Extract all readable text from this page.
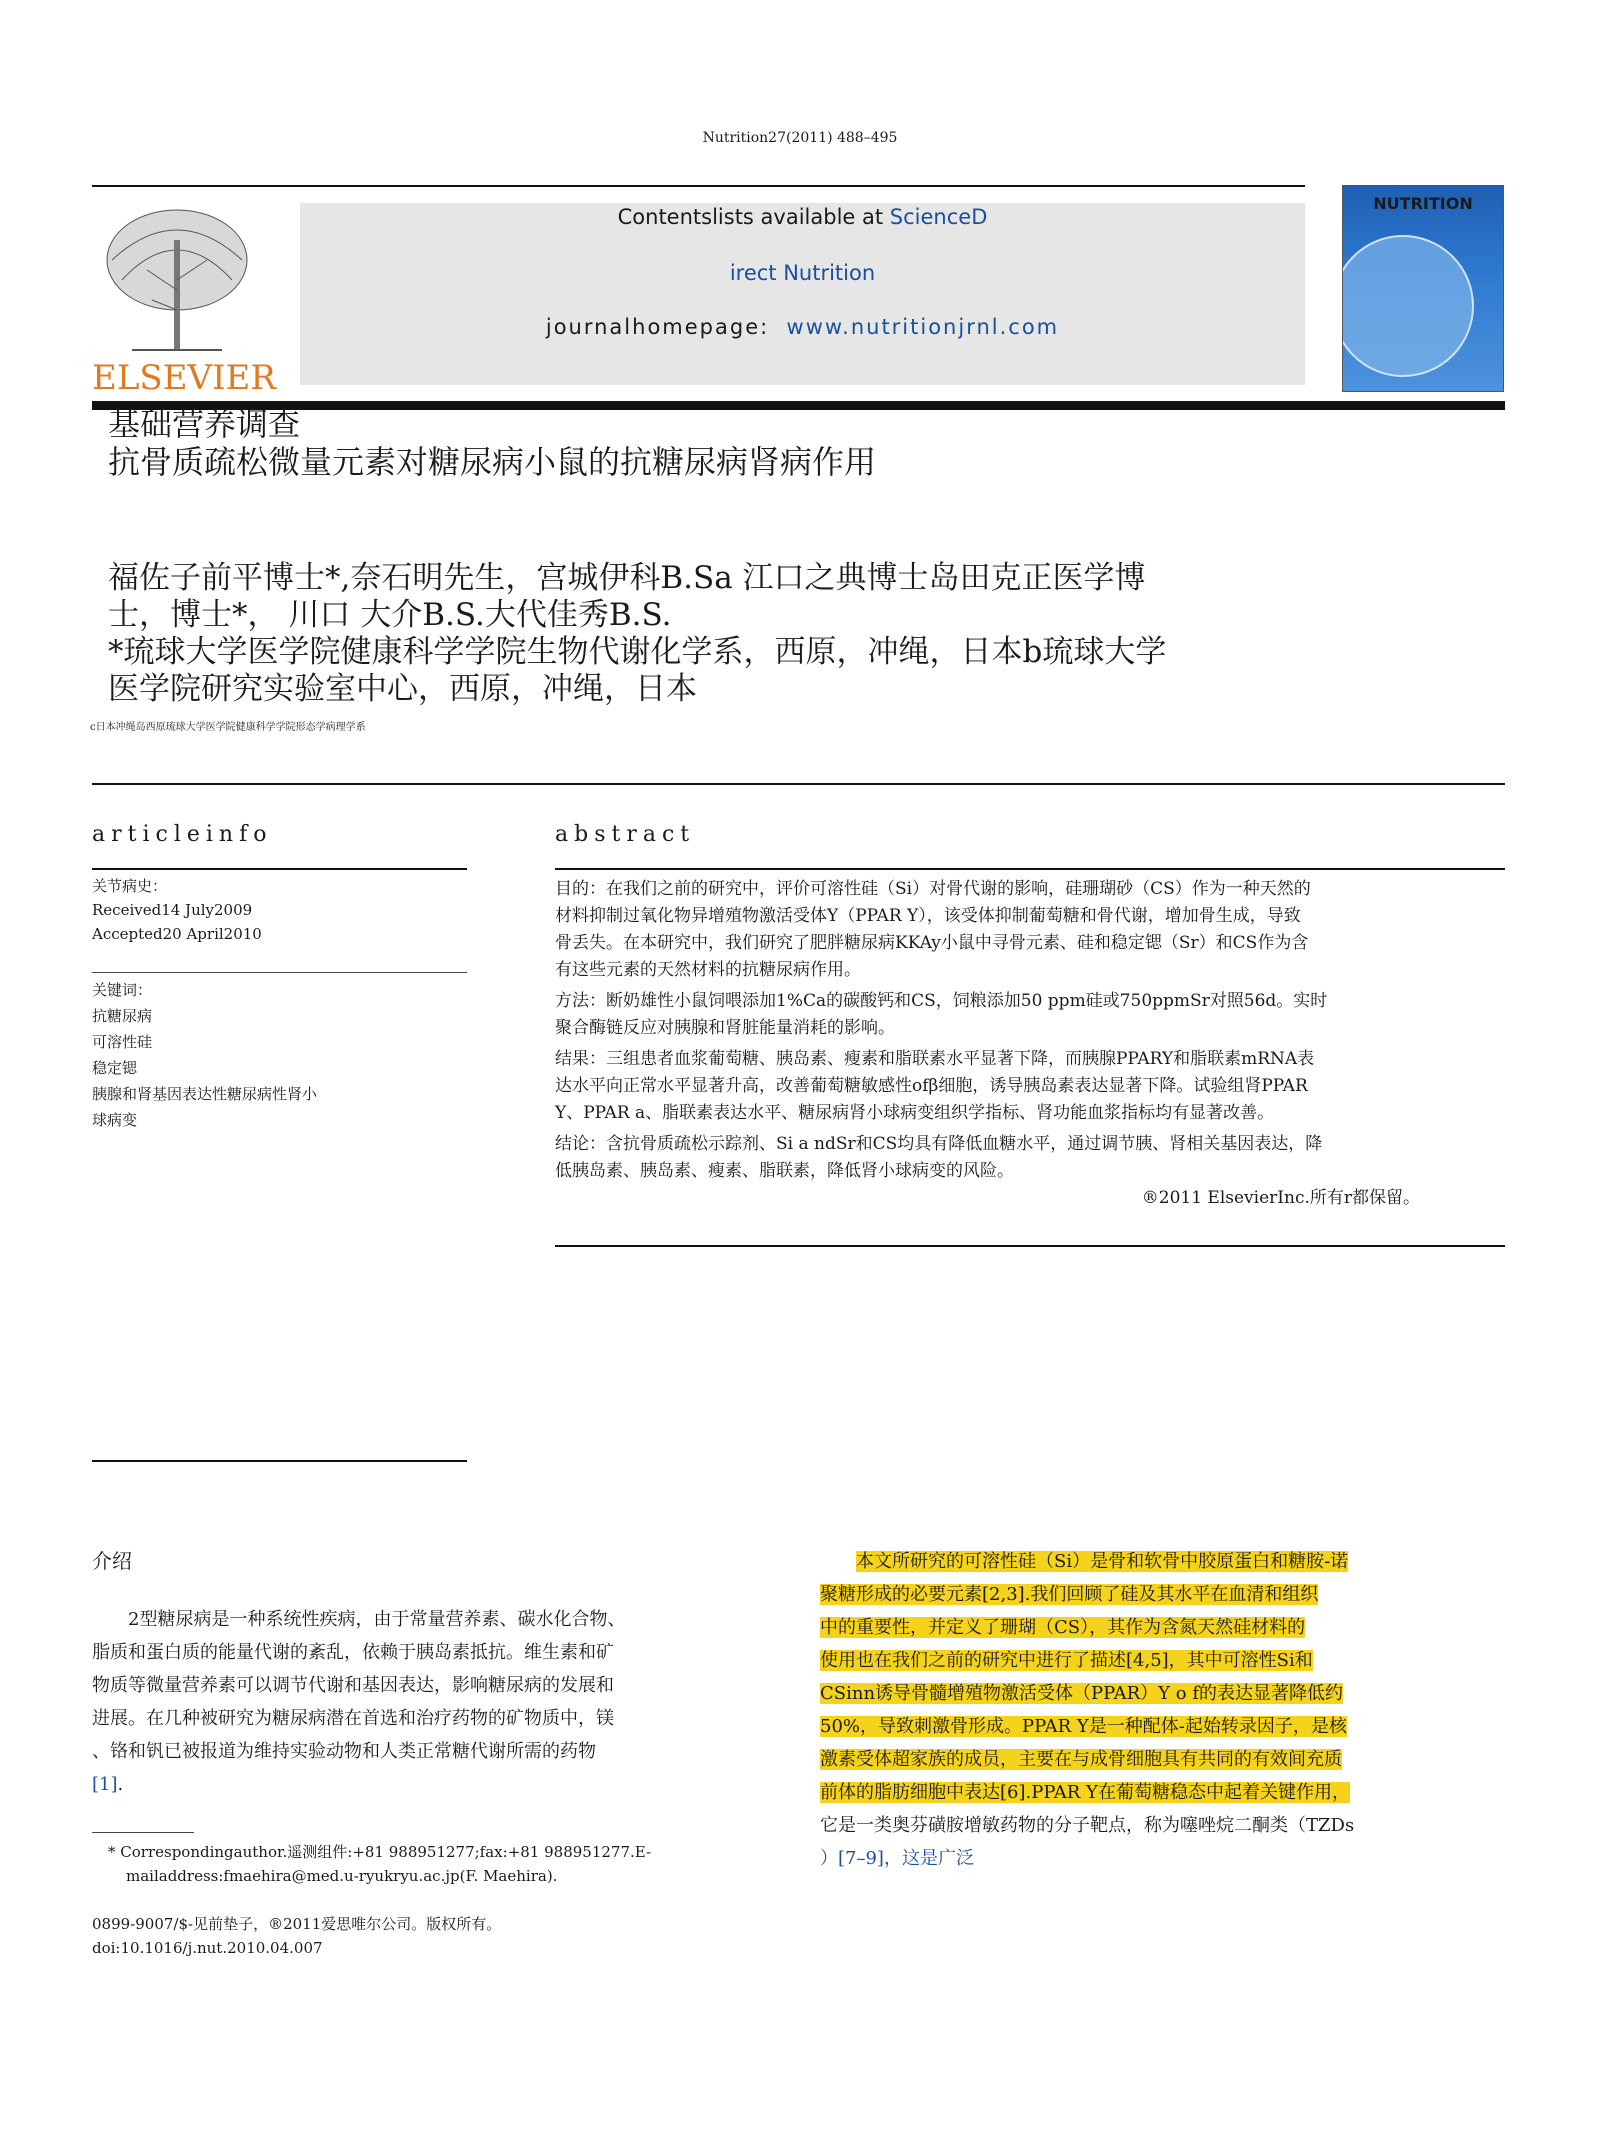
Nutrition27(2011) 488–495
ELSEVIER
Contentslists available at ScienceD
irect Nutrition
journalhomepage: www.nutritionjrnl.com
NUTRITION
基础营养调查
抗骨质疏松微量元素对糖尿病小鼠的抗糖尿病肾病作用
福佐子前平博士*,奈石明先生，宫城伊科B.Sa 江口之典博士岛田克正医学博
士，博士*， 川口 大介B.S.大代佳秀B.S.
*琉球大学医学院健康科学学院生物代谢化学系，西原，冲绳，日本b琉球大学
医学院研究实验室中心，西原，冲绳，日本
c日本冲绳岛西原琉球大学医学院健康科学学院形态学病理学系
articleinfo
关节病史：
Received14 July2009
Accepted20 April2010
关键词：
抗糖尿病
可溶性硅
稳定锶
胰腺和肾基因表达性糖尿病性肾小
球病变
abstract
目的：在我们之前的研究中，评价可溶性硅（Si）对骨代谢的影响，硅珊瑚砂（CS）作为一种天然的
材料抑制过氧化物异增殖物激活受体Y（PPAR Y），该受体抑制葡萄糖和骨代谢，增加骨生成，导致
骨丢失。在本研究中，我们研究了肥胖糖尿病KKAy小鼠中寻骨元素、硅和稳定锶（Sr）和CS作为含
有这些元素的天然材料的抗糖尿病作用。
方法：断奶雄性小鼠饲喂添加1%Ca的碳酸钙和CS，饲粮添加50 ppm硅或750ppmSr对照56d。实时
聚合酶链反应对胰腺和肾脏能量消耗的影响。
结果：三组患者血浆葡萄糖、胰岛素、瘦素和脂联素水平显著下降，而胰腺PPARY和脂联素mRNA表
达水平向正常水平显著升高，改善葡萄糖敏感性ofβ细胞，诱导胰岛素表达显著下降。试验组肾PPAR
Y、PPAR a、脂联素表达水平、糖尿病肾小球病变组织学指标、肾功能血浆指标均有显著改善。
结论：含抗骨质疏松示踪剂、Si a ndSr和CS均具有降低血糖水平，通过调节胰、肾相关基因表达，降
低胰岛素、胰岛素、瘦素、脂联素，降低肾小球病变的风险。
®2011 ElsevierInc.所有r都保留。
介绍
2型糖尿病是一种系统性疾病，由于常量营养素、碳水化合物、
脂质和蛋白质的能量代谢的紊乱，依赖于胰岛素抵抗。维生素和矿
物质等微量营养素可以调节代谢和基因表达，影响糖尿病的发展和
进展。在几种被研究为糖尿病潜在首选和治疗药物的矿物质中，镁
、铬和钒已被报道为维持实验动物和人类正常糖代谢所需的药物
[1].
* Correspondingauthor.遥测组件:+81 988951277;fax:+81 988951277.E-
mailaddress:fmaehira@med.u-ryukryu.ac.jp(F. Maehira).
0899-9007/$-见前垫子，®2011爱思唯尔公司。版权所有。
doi:10.1016/j.nut.2010.04.007
本文所研究的可溶性硅（Si）是骨和软骨中胶原蛋白和糖胺-诺
聚糖形成的必要元素[2,3].我们回顾了硅及其水平在血清和组织
中的重要性，并定义了珊瑚（CS），其作为含氮天然硅材料的
使用也在我们之前的研究中进行了描述[4,5]，其中可溶性Si和
CSinn诱导骨髓增殖物激活受体（PPAR）Y o f的表达显著降低约
50%，导致刺激骨形成。PPAR Y是一种配体-起始转录因子，是核
激素受体超家族的成员，主要在与成骨细胞具有共同的有效间充质
前体的脂肪细胞中表达[6].PPAR Y在葡萄糖稳态中起着关键作用，
它是一类奥芬磺胺增敏药物的分子靶点，称为噻唑烷二酮类（TZDs
）[7–9]，这是广泛
